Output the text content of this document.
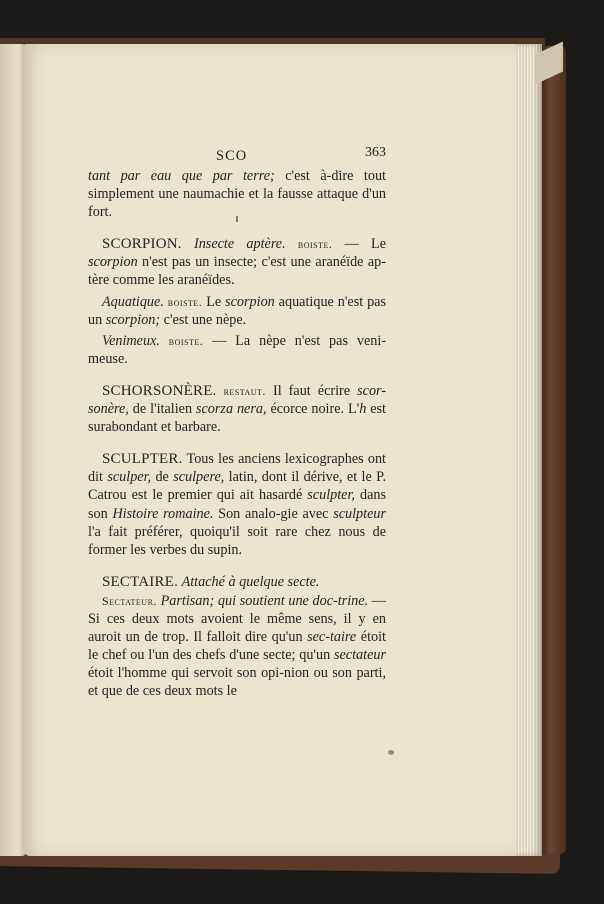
SCO	363

tant par eau que par terre; c'est à-dire tout simplement une naumachie et la fausse attaque d'un fort.

SCORPION. Insecte aptère. boiste. — Le scorpion n'est pas un insecte; c'est une aranéïde ap-tère comme les aranéïdes.

Aquatique. boiste. Le scorpion aquatique n'est pas un scorpion; c'est une nèpe.

Venimeux. boiste. — La nèpe n'est pas veni-meuse.

SCHORSONÈRE. restaut. Il faut écrire scor-sonère, de l'italien scorza nera, écorce noire. L'h est surabondant et barbare.

SCULPTER. Tous les anciens lexicographes ont dit sculper, de sculpere, latin, dont il dérive, et le P. Catrou est le premier qui ait hasardé sculpter, dans son Histoire romaine. Son analo-gie avec sculpteur l'a fait préférer, quoiqu'il soit rare chez nous de former les verbes du supin.

SECTAIRE. Attaché à quelque secte.

Sectateur. Partisan; qui soutient une doc-trine. — Si ces deux mots avoient le même sens, il y en auroit un de trop. Il falloit dire qu'un sec-taire étoit le chef ou l'un des chefs d'une secte; qu'un sectateur étoit l'homme qui servoit son opi-nion ou son parti, et que de ces deux mots le
